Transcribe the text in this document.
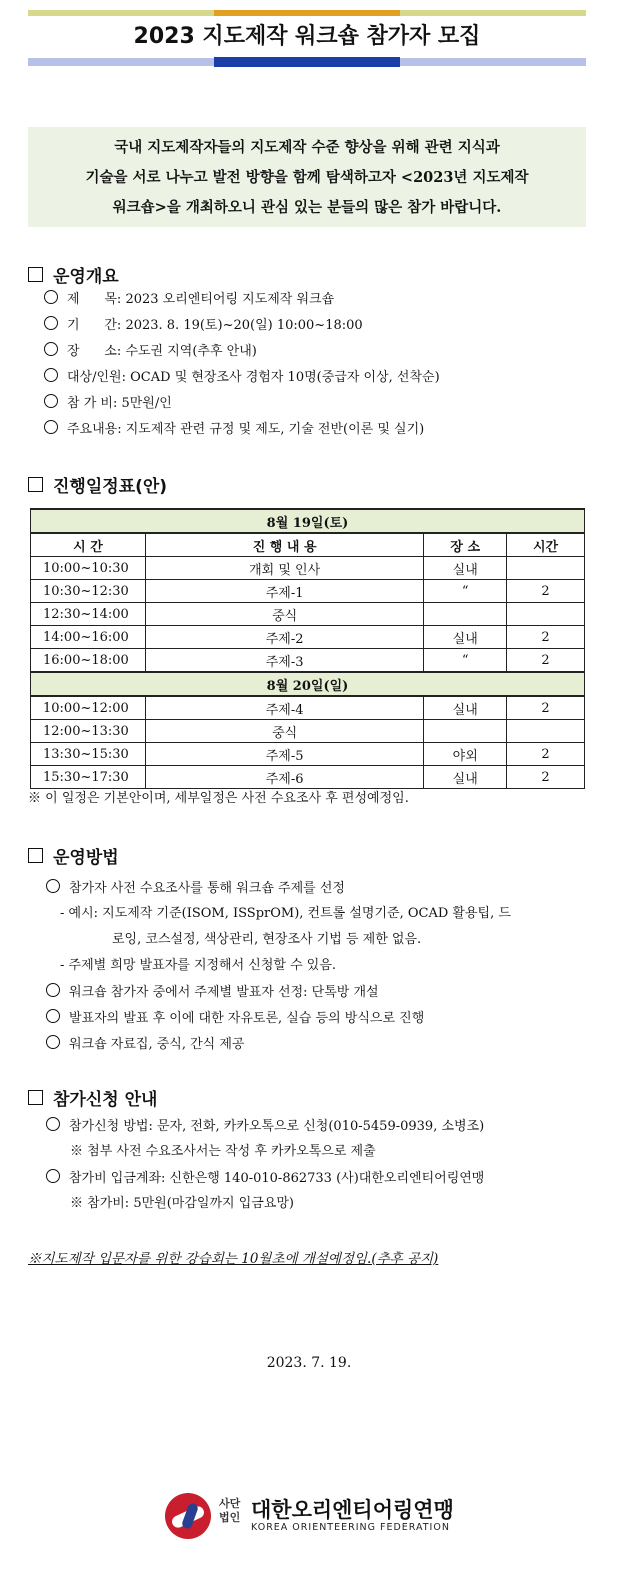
2023 지도제작 워크숍 참가자 모집
국내 지도제작자들의 지도제작 수준 향상을 위해 관련 지식과
기술을 서로 나누고 발전 방향을 함께 탐색하고자 <2023년 지도제작
워크숍>을 개최하오니 관심 있는 분들의 많은 참가 바랍니다.
운영개요
제      목: 2023 오리엔티어링 지도제작 워크숍
기      간: 2023. 8. 19(토)~20(일) 10:00~18:00
장      소: 수도권 지역(추후 안내)
대상/인원: OCAD 및 현장조사 경험자 10명(중급자 이상, 선착순)
참 가 비: 5만원/인
주요내용: 지도제작 관련 규정 및 제도, 기술 전반(이론 및 실기)
진행일정표(안)
8월 19일(토)			
시 간	진 행 내 용	장 소	시간
10:00~10:30	개회 및 인사	실내	
10:30~12:30	주제-1	“	2
12:30~14:00	중식		
14:00~16:00	주제-2	실내	2
16:00~18:00	주제-3	“	2
8월 20일(일)			
10:00~12:00	주제-4	실내	2
12:00~13:30	중식		
13:30~15:30	주제-5	야외	2
15:30~17:30	주제-6	실내	2
※ 이 일정은 기본안이며, 세부일정은 사전 수요조사 후 편성예정임.
운영방법
참가자 사전 수요조사를 통해 워크숍 주제를 선정
- 예시: 지도제작 기준(ISOM, ISSprOM), 컨트롤 설명기준, OCAD 활용팁, 드
로잉, 코스설정, 색상관리, 현장조사 기법 등 제한 없음.
- 주제별 희망 발표자를 지정해서 신청할 수 있음.
워크숍 참가자 중에서 주제별 발표자 선정: 단톡방 개설
발표자의 발표 후 이에 대한 자유토론, 실습 등의 방식으로 진행
워크숍 자료집, 중식, 간식 제공
참가신청 안내
참가신청 방법: 문자, 전화, 카카오톡으로 신청(010-5459-0939, 소병조)
※ 첨부 사전 수요조사서는 작성 후 카카오톡으로 제출
참가비 입금계좌: 신한은행 140-010-862733 (사)대한오리엔티어링연맹
※ 참가비: 5만원(마감일까지 입금요망)
※지도제작 입문자를 위한 강습회는 10월초에 개설예정임.(추후 공지)
2023. 7. 19.
사단
법인 대한오리엔티어링연맹
KOREA ORIENTEERING FEDERATION
